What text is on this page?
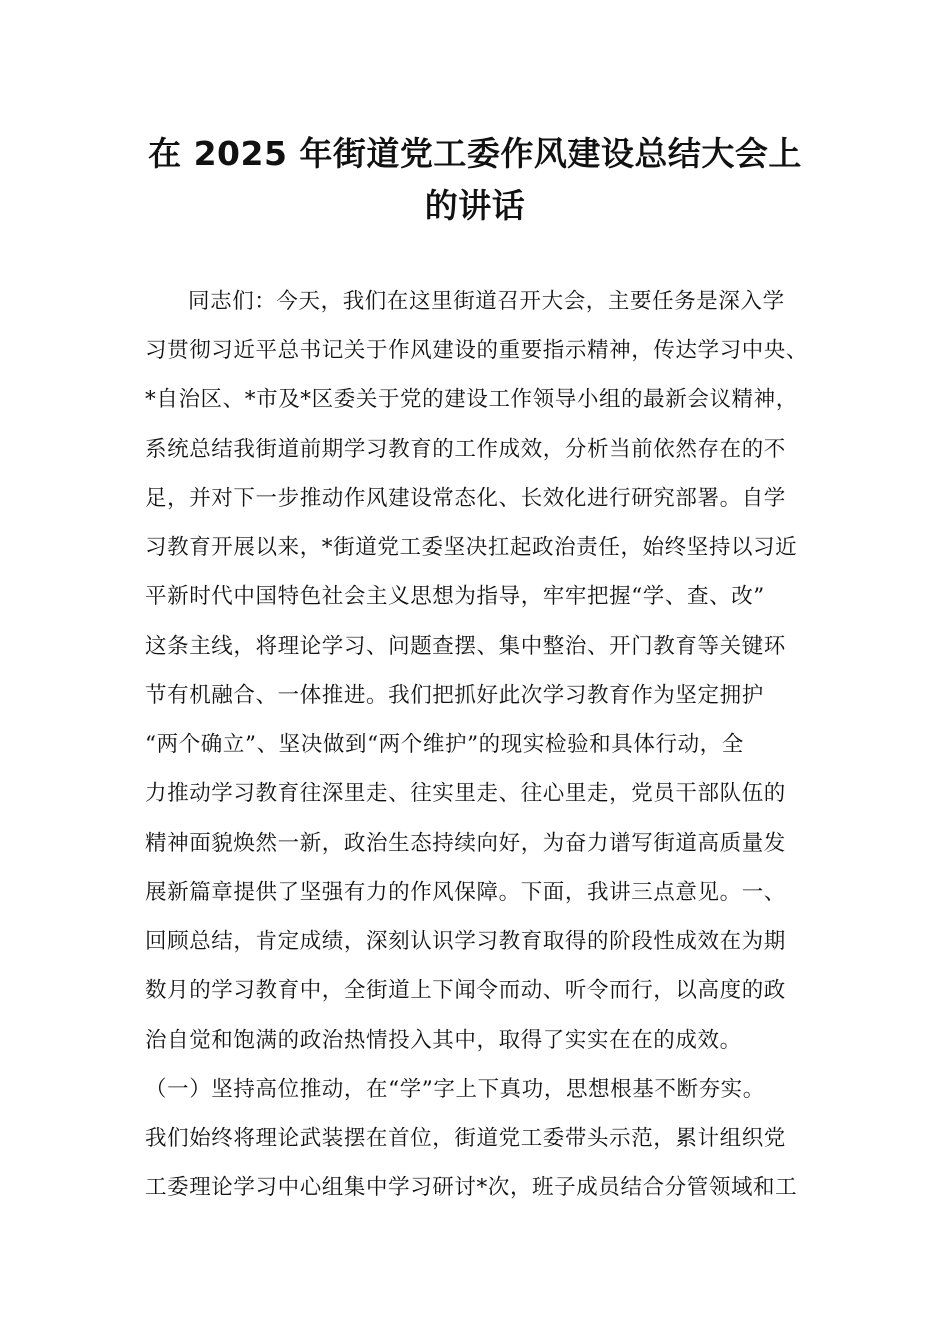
在 2025 年街道党工委作风建设总结大会上
的讲话
同志们：今天，我们在这里街道召开大会，主要任务是深入学
习贯彻习近平总书记关于作风建设的重要指示精神，传达学习中央、
*自治区、*市及*区委关于党的建设工作领导小组的最新会议精神，
系统总结我街道前期学习教育的工作成效，分析当前依然存在的不
足，并对下一步推动作风建设常态化、长效化进行研究部署。自学
习教育开展以来，*街道党工委坚决扛起政治责任，始终坚持以习近
平新时代中国特色社会主义思想为指导，牢牢把握“学、查、改”
这条主线，将理论学习、问题查摆、集中整治、开门教育等关键环
节有机融合、一体推进。我们把抓好此次学习教育作为坚定拥护
“两个确立”、坚决做到“两个维护”的现实检验和具体行动，全
力推动学习教育往深里走、往实里走、往心里走，党员干部队伍的
精神面貌焕然一新，政治生态持续向好，为奋力谱写街道高质量发
展新篇章提供了坚强有力的作风保障。下面，我讲三点意见。一、
回顾总结，肯定成绩，深刻认识学习教育取得的阶段性成效在为期
数月的学习教育中，全街道上下闻令而动、听令而行，以高度的政
治自觉和饱满的政治热情投入其中，取得了实实在在的成效。
（一）坚持高位推动，在“学”字上下真功，思想根基不断夯实。
我们始终将理论武装摆在首位，街道党工委带头示范，累计组织党
工委理论学习中心组集中学习研讨*次，班子成员结合分管领域和工
